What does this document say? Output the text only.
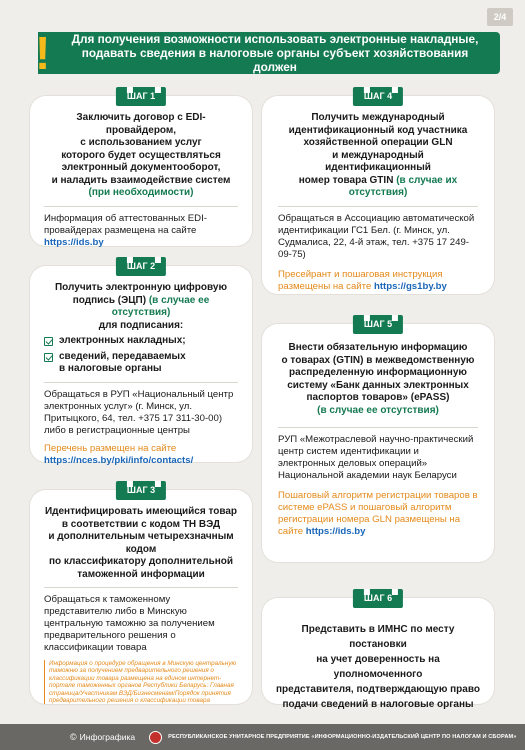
2/4
Для получения возможности использовать электронные накладные,
подавать сведения в налоговые органы субъект хозяйствования должен
!
ШАГ 1
Заключить договор с EDI-провайдером,
с использованием услуг
которого будет осуществляться
электронный документооборот,
и наладить взаимодействие систем
(при необходимости)
Информация об аттестованных EDI-провайдерах размещена на сайте https://ids.by
ШАГ 2
Получить электронную цифровую
подпись (ЭЦП) (в случае ее отсутствия)
для подписания:
электронных накладных;
сведений, передаваемых
в налоговые органы
Обращаться в РУП «Национальный центр электронных услуг» (г. Минск, ул. Притыцкого, 64, тел. +375 17 311-30-00) либо в регистрационные центры
Перечень размещен на сайте
https://nces.by/pki/info/contacts/
ШАГ 3
Идентифицировать имеющийся товар
в соответствии с кодом ТН ВЭД
и дополнительным четырехзначным кодом
по классификатору дополнительной
таможенной информации
Обращаться к таможенному представителю либо в Минскую центральную таможню за получением предварительного решения о классификации товара
Информация о процедуре обращения в Минскую центральную таможню за получением предварительного решения о классификации товара размещена на едином интернет-портале таможенных органов Республики Беларусь: Главная страница/Участникам ВЭД/Бизнесменам/Порядок принятия предварительного решения о классификации товара
ШАГ 4
Получить международный
идентификационный код участника
хозяйственной операции GLN
и международный идентификационный
номер товара GTIN (в случае их отсутствия)
Обращаться в Ассоциацию автоматической идентификации ГС1 Бел. (г. Минск, ул. Судмалиса, 22, 4-й этаж, тел. +375 17 249-09-75)
Пресейрант и пошаговая инструкция размещены на сайте https://gs1by.by
ШАГ 5
Внести обязательную информацию
о товарах (GTIN) в межведомственную
распределенную информационную
систему «Банк данных электронных
паспортов товаров» (ePASS)
(в случае ее отсутствия)
РУП «Межотраслевой научно-практический центр систем идентификации и электронных деловых операций» Национальной академии наук Беларуси
Пошаговый алгоритм регистрации товаров в системе ePASS и пошаговый алгоритм регистрации номера GLN размещены на сайте https://ids.by
ШАГ 6
Представить в ИМНС по месту постановки
на учет доверенность на уполномоченного
представителя, подтверждающую право
подачи сведений в налоговые органы
© Инфографика	РЕСПУБЛИКАНСКОЕ УНИТАРНОЕ ПРЕДПРИЯТИЕ «ИНФОРМАЦИОННО-ИЗДАТЕЛЬСКИЙ ЦЕНТР ПО НАЛОГАМ И СБОРАМ»
